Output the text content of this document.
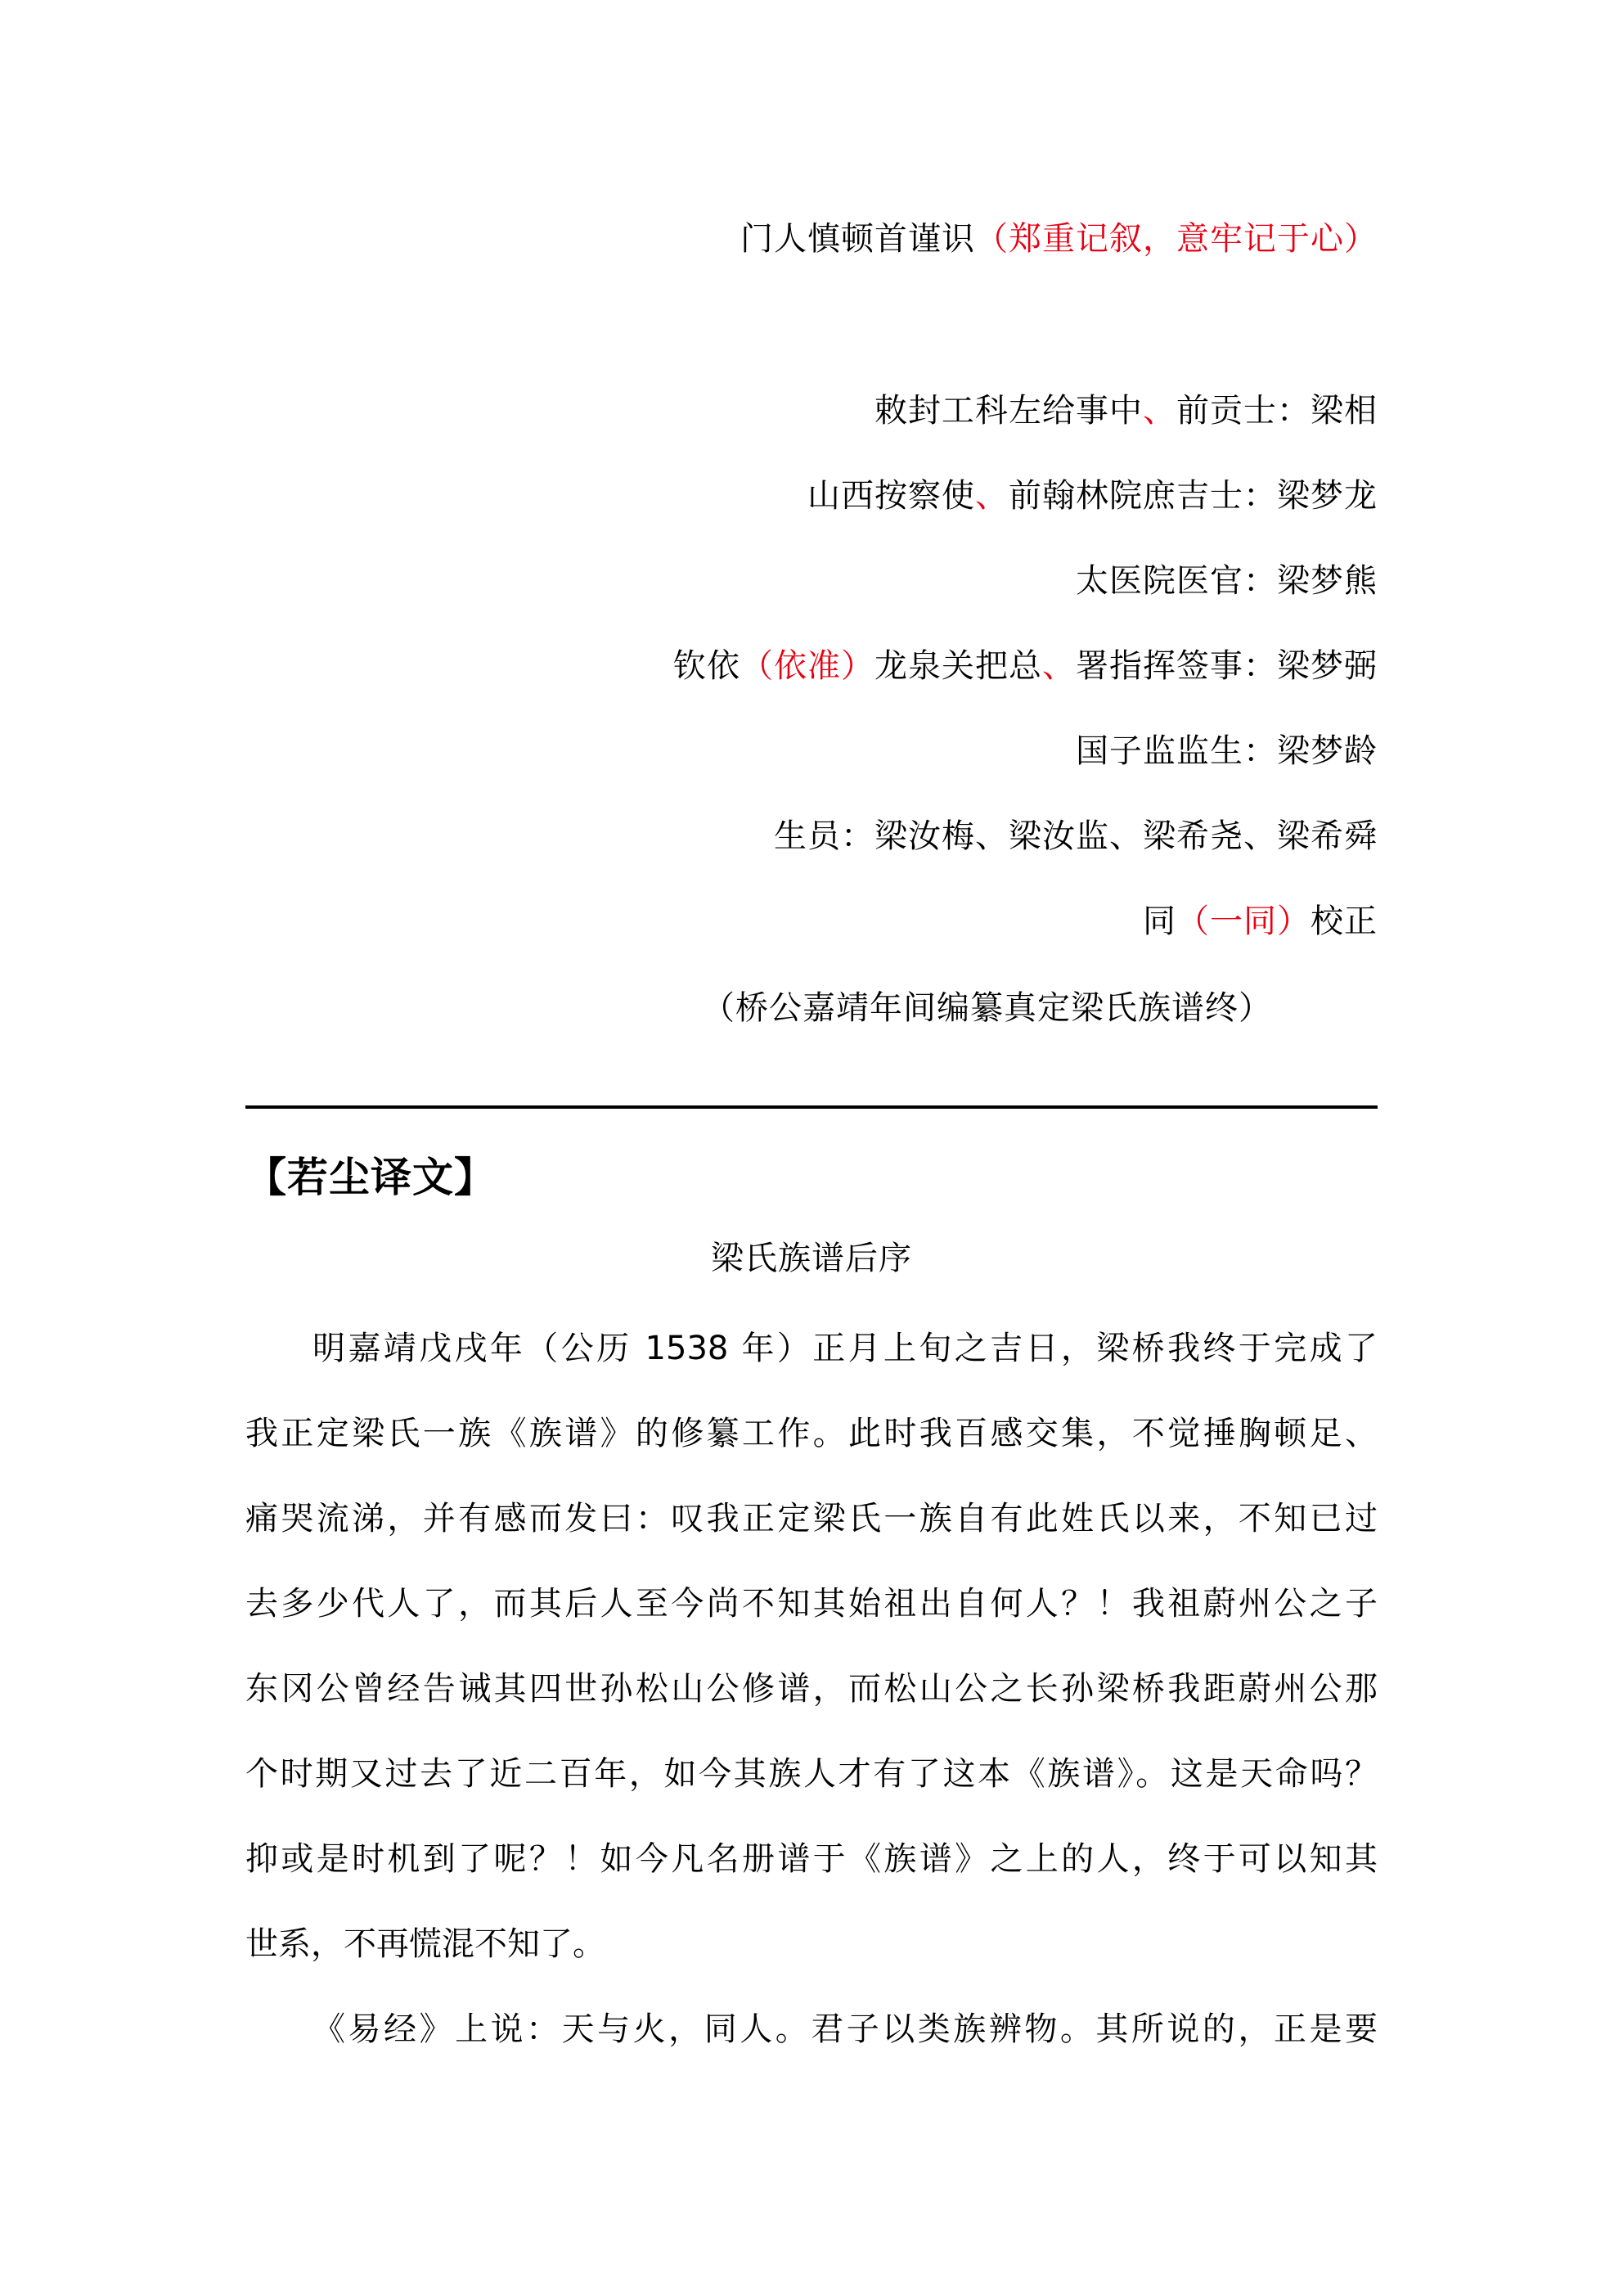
门人慎顿首谨识（郑重记叙，意牢记于心）
敕封工科左给事中、前贡士：梁相
山西按察使、前翰林院庶吉士：梁梦龙
太医院医官：梁梦熊
钦依（依准）龙泉关把总、署指挥签事：梁梦弼
国子监监生：梁梦龄
生员：梁汝梅、梁汝监、梁希尧、梁希舜
同（一同）校正
（桥公嘉靖年间编纂真定梁氏族谱终）
【若尘译文】
梁氏族谱后序
明嘉靖戊戌年（公历 1538 年）正月上旬之吉日，梁桥我终于完成了
我正定梁氏一族《族谱》的修纂工作。此时我百感交集，不觉捶胸顿足、
痛哭流涕，并有感而发曰：叹我正定梁氏一族自有此姓氏以来，不知已过
去多少代人了，而其后人至今尚不知其始祖出自何人？！我祖蔚州公之子
东冈公曾经告诫其四世孙松山公修谱，而松山公之长孙梁桥我距蔚州公那
个时期又过去了近二百年，如今其族人才有了这本《族谱》。这是天命吗？
抑或是时机到了呢？！如今凡名册谱于《族谱》之上的人，终于可以知其
世系，不再慌混不知了。
《易经》上说：天与火，同人。君子以类族辨物。其所说的，正是要
